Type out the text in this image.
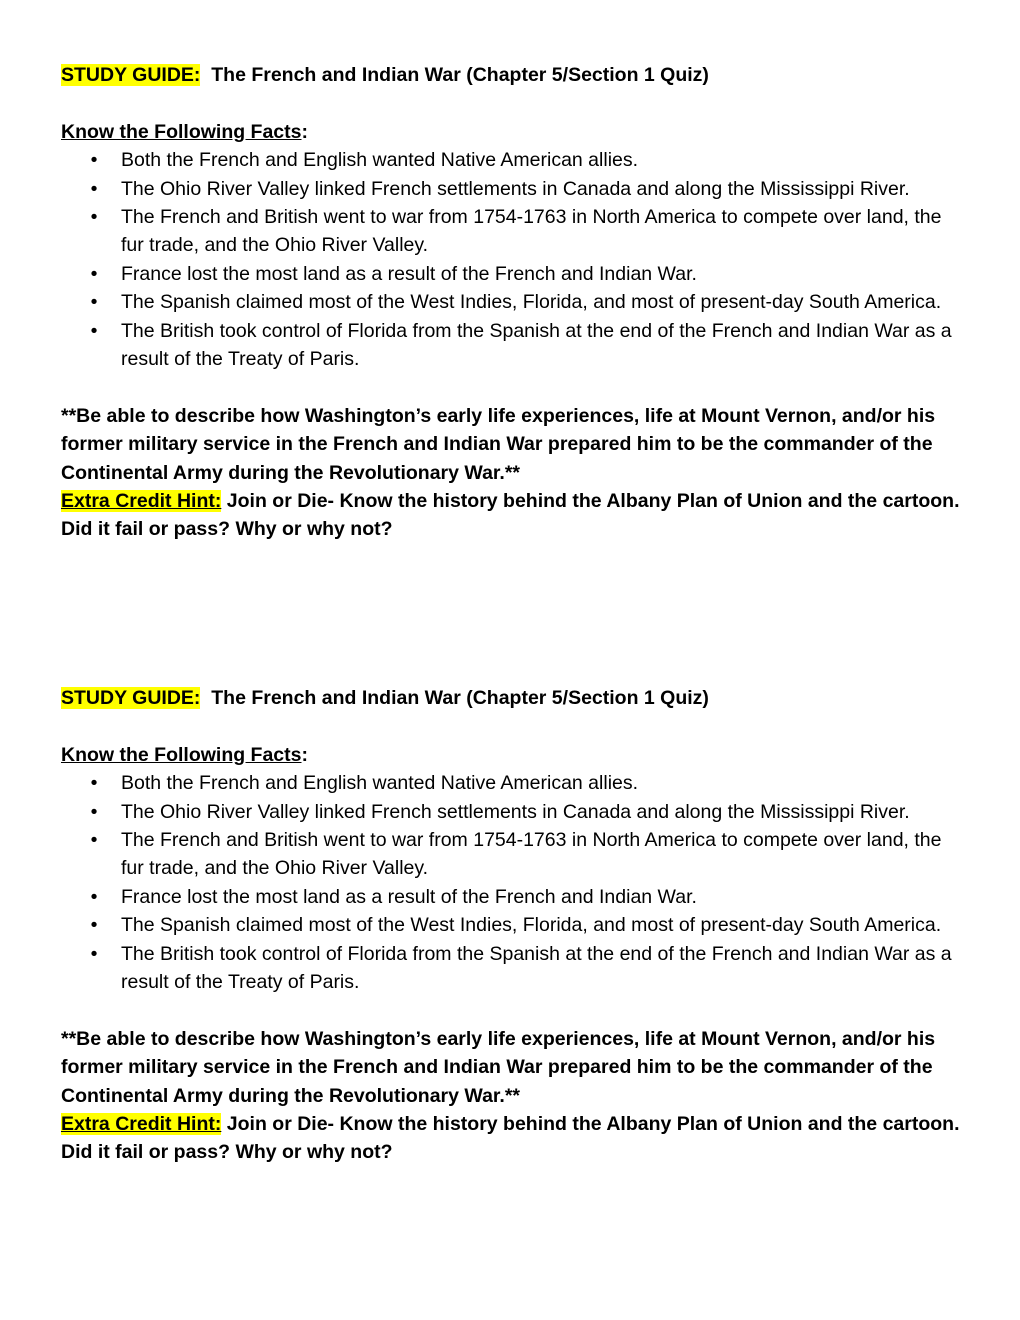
STUDY GUIDE: The French and Indian War (Chapter 5/Section 1 Quiz)

Know the Following Facts:

• Both the French and English wanted Native American allies.
• The Ohio River Valley linked French settlements in Canada and along the Mississippi River.
• The French and British went to war from 1754-1763 in North America to compete over land, the fur trade, and the Ohio River Valley.
• France lost the most land as a result of the French and Indian War.
• The Spanish claimed most of the West Indies, Florida, and most of present-day South America.
• The British took control of Florida from the Spanish at the end of the French and Indian War as a result of the Treaty of Paris.

**Be able to describe how Washington’s early life experiences, life at Mount Vernon, and/or his former military service in the French and Indian War prepared him to be the commander of the Continental Army during the Revolutionary War.**

Extra Credit Hint: Join or Die- Know the history behind the Albany Plan of Union and the cartoon. Did it fail or pass? Why or why not?

STUDY GUIDE: The French and Indian War (Chapter 5/Section 1 Quiz)

Know the Following Facts:

• Both the French and English wanted Native American allies.
• The Ohio River Valley linked French settlements in Canada and along the Mississippi River.
• The French and British went to war from 1754-1763 in North America to compete over land, the fur trade, and the Ohio River Valley.
• France lost the most land as a result of the French and Indian War.
• The Spanish claimed most of the West Indies, Florida, and most of present-day South America.
• The British took control of Florida from the Spanish at the end of the French and Indian War as a result of the Treaty of Paris.

**Be able to describe how Washington’s early life experiences, life at Mount Vernon, and/or his former military service in the French and Indian War prepared him to be the commander of the Continental Army during the Revolutionary War.**

Extra Credit Hint: Join or Die- Know the history behind the Albany Plan of Union and the cartoon. Did it fail or pass? Why or why not?
